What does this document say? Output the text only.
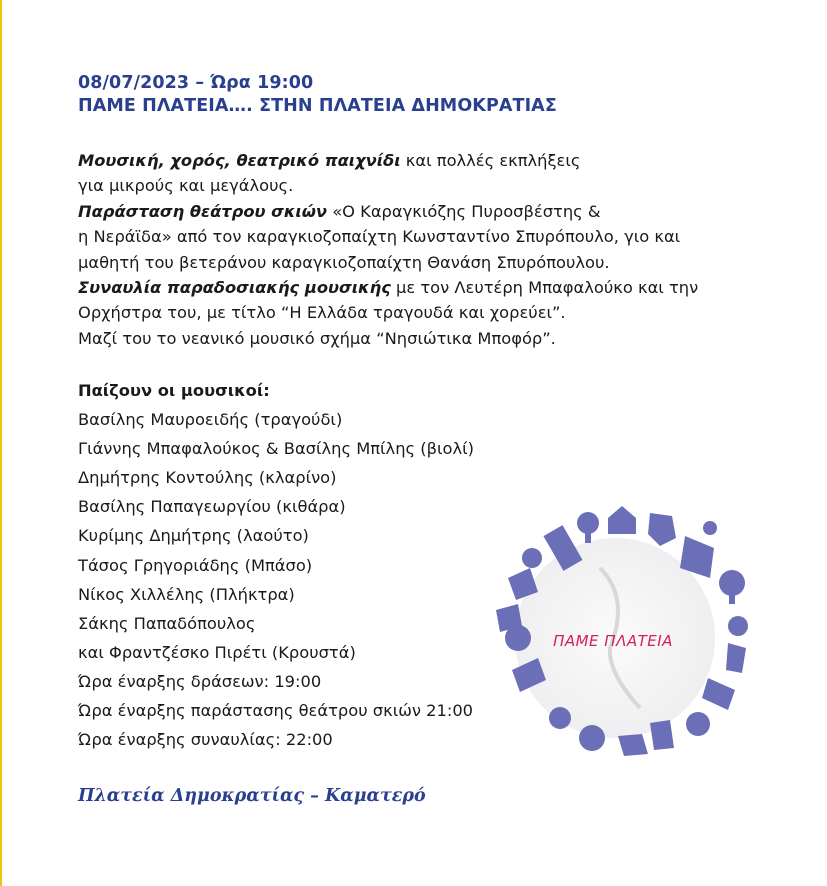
08/07/2023 – Ώρα 19:00
ΠΑΜΕ ΠΛΑΤΕΙΑ…. ΣΤΗΝ ΠΛΑΤΕΙΑ ΔΗΜΟΚΡΑΤΙΑΣ
Μουσική, χορός, θεατρικό παιχνίδι και πολλές εκπλήξεις
για μικρούς και μεγάλους.
Παράσταση θεάτρου σκιών «Ο Καραγκιόζης Πυροσβέστης &
η Νεράϊδα» από τον καραγκιοζοπαίχτη Κωνσταντίνο Σπυρόπουλο, γιο και
μαθητή του βετεράνου καραγκιοζοπαίχτη Θανάση Σπυρόπουλου.
Συναυλία παραδοσιακής μουσικής με τον Λευτέρη Μπαφαλούκο και την
Ορχήστρα του, με τίτλο “Η Ελλάδα τραγουδά και χορεύει”.
Μαζί του το νεανικό μουσικό σχήμα “Νησιώτικα Μποφόρ”.
Παίζουν οι μουσικοί:
Βασίλης Μαυροειδής (τραγούδι)
Γιάννης Μπαφαλούκος & Βασίλης Μπίλης (βιολί)
Δημήτρης Κοντούλης (κλαρίνο)
Βασίλης Παπαγεωργίου (κιθάρα)
Κυρίμης Δημήτρης (λαούτο)
Τάσος Γρηγοριάδης (Μπάσο)
Νίκος Χιλλέλης (Πλήκτρα)
Σάκης Παπαδόπουλος
και Φραντζέσκο Πιρέτι (Κρουστά)
Ώρα έναρξης δράσεων: 19:00
Ώρα έναρξης παράστασης θεάτρου σκιών 21:00
Ώρα έναρξης συναυλίας: 22:00
Πλατεία Δημοκρατίας – Καματερό
ΠΑΜΕ ΠΛΑΤΕΙΑ
